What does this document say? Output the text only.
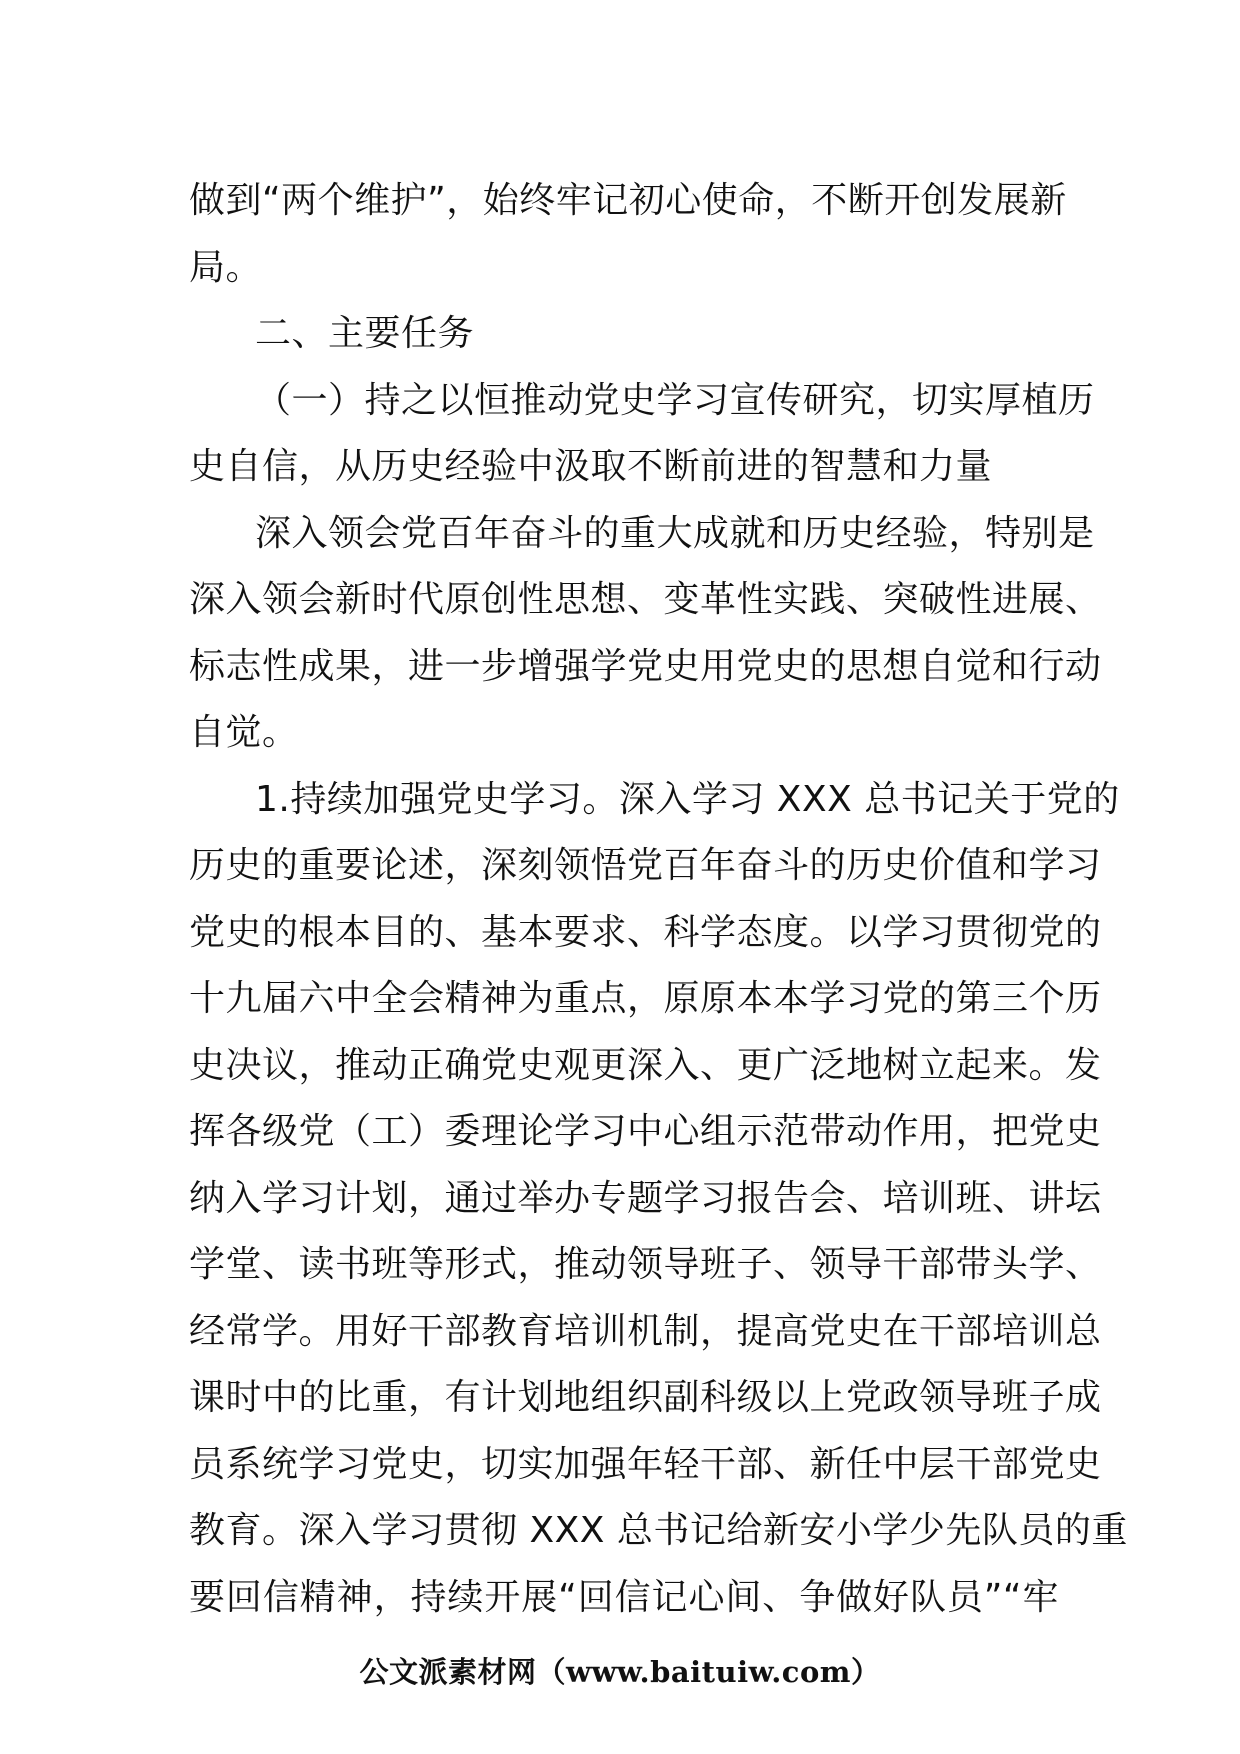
做到“两个维护”，始终牢记初心使命，不断开创发展新
局。
二、主要任务
（一）持之以恒推动党史学习宣传研究，切实厚植历
史自信，从历史经验中汲取不断前进的智慧和力量
深入领会党百年奋斗的重大成就和历史经验，特别是
深入领会新时代原创性思想、变革性实践、突破性进展、
标志性成果，进一步增强学党史用党史的思想自觉和行动
自觉。
1.持续加强党史学习。深入学习 XXX 总书记关于党的
历史的重要论述，深刻领悟党百年奋斗的历史价值和学习
党史的根本目的、基本要求、科学态度。以学习贯彻党的
十九届六中全会精神为重点，原原本本学习党的第三个历
史决议，推动正确党史观更深入、更广泛地树立起来。发
挥各级党（工）委理论学习中心组示范带动作用，把党史
纳入学习计划，通过举办专题学习报告会、培训班、讲坛
学堂、读书班等形式，推动领导班子、领导干部带头学、
经常学。用好干部教育培训机制，提高党史在干部培训总
课时中的比重，有计划地组织副科级以上党政领导班子成
员系统学习党史，切实加强年轻干部、新任中层干部党史
教育。深入学习贯彻 XXX 总书记给新安小学少先队员的重
要回信精神，持续开展“回信记心间、争做好队员”“牢
公文派素材网（www.baituiw.com）
